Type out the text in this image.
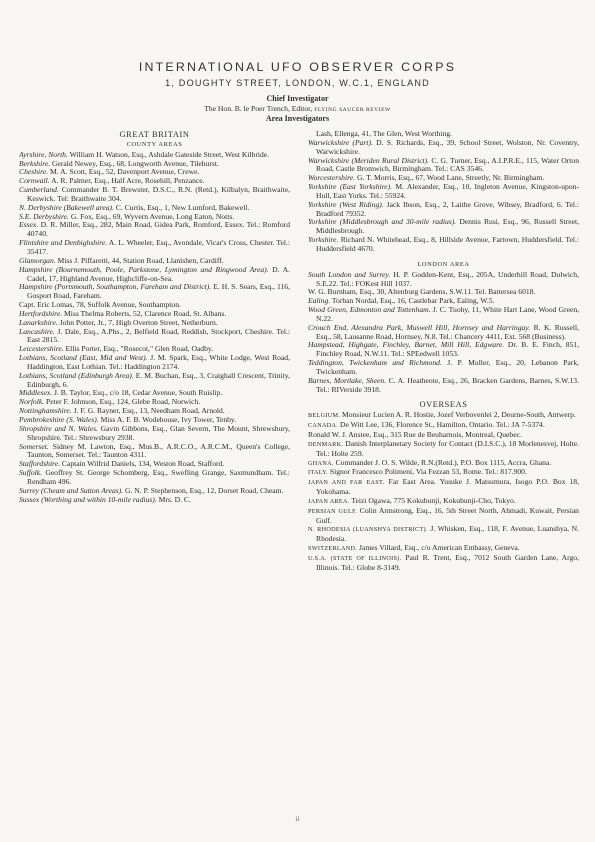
INTERNATIONAL UFO OBSERVER CORPS
1, DOUGHTY STREET, LONDON, W.C.1, ENGLAND
Chief Investigator
The Hon. B. le Poer Trench, Editor, FLYING SAUCER REVIEW
Area Investigators
GREAT BRITAIN
COUNTY AREAS

Ayrshire, North. William H. Watson, Esq., Ashdale Gateside Street, West Kilbride.

Berkshire. Gerald Newey, Esq., 68, Longworth Avenue, Tilehurst.

Cheshire. M. A. Scott, Esq., 52, Davenport Avenue, Crewe.

Cornwall. A. R. Palmer, Esq., Half Acre, Rosehill, Penzance.

Cumberland. Commander B. T. Brewster, D.S.C., R.N. (Retd.), Kilbalyn, Braithwaite, Keswick. Tel: Braithwaite 304.

N. Derbyshire (Bakewell area). C. Curtis, Esq., 1, New Lumford, Bakewell.

S.E. Derbyshire. G. Fox, Esq., 69, Wyvern Avenue, Long Eaton, Notts.

Essex. D. R. Miller, Esq., 282, Main Road, Gidea Park, Romford, Essex. Tel.: Romford 40740.

Flintshire and Denbighshire. A. L. Wheeler, Esq., Avondale, Vicar's Cross, Chester. Tel.: 35417.

Glamorgan. Miss J. Piffaretti, 44, Station Road, Llanishen, Cardiff.

Hampshire (Bournemouth, Poole, Parkstone, Lymington and Ringwood Area). D. A. Cadel, 17, Highland Avenue, Highcliffe-on-Sea.

Hampshire (Portsmouth, Southampton, Fareham and District). E. H. S. Sears, Esq., 116, Gosport Road, Fareham.

Capt. Eric Lomas, 78, Suffolk Avenue, Southampton.

Hertfordshire. Miss Thelma Roberts, 52, Clarence Road, St. Albans.

Lanarkshire. John Potter, Jr., 7, High Overton Street, Netherburn.

Lancashire. J. Dale, Esq., A.Phs., 2, Belfield Road, Reddish, Stockport, Cheshire. Tel.: East 2815.

Leicestershire. Ellis Porter, Esq., "Rosecot," Glen Road, Oadby.

Lothians, Scotland (East, Mid and West). J. M. Spark, Esq., White Lodge, West Road, Haddington, East Lothian. Tel.: Haddington 2174.

Lothians, Scotland (Edinburgh Area). E. M. Buchan, Esq., 3, Craighall Crescent, Trinity, Edinburgh, 6.

Middlesex. J. B. Taylor, Esq., c/o 18, Cedar Avenue, South Ruislip.

Norfolk. Peter F. Johnson, Esq., 124, Glebe Road, Norwich.

Nottinghamshire. J. F. G. Rayner, Esq., 13, Needham Road, Arnold.

Pembrokeshire (S. Wales). Miss A. F. B. Wodehouse, Ivy Tower, Tenby.

Shropshire and N. Wales. Gavin Gibbons, Esq., Glan Severn, The Mount, Shrewsbury, Shropshire. Tel.: Shrewsbury 2938.

Somerset. Sidney M. Lawton, Esq., Mus.B., A.R.C.O., A.R.C.M., Queen's College, Taunton, Somerset. Tel.: Taunton 4311.

Staffordshire. Captain Wilfrid Daniels, 134, Weston Road, Stafford.

Suffolk. Geoffrey St. George Schomberg, Esq., Swefling Grange, Saxmundham. Tel.: Rendham 496.

Surrey (Cheam and Sutton Areas). G. N. P. Stephenson, Esq., 12, Dorset Road, Cheam.

Sussex (Worthing and within 10-mile radius). Mrs. D. C.

Lash, Ellenga, 41, The Glen, West Worthing.

Warwickshire (Part). D. S. Richards, Esq., 39, School Street, Wolston, Nr. Coventry, Warwickshire.

Warwickshire (Meriden Rural District). C. G. Turner, Esq., A.I.P.R.E., 115, Water Orton Road, Castle Bromwich, Birmingham. Tel.: CAS 3546.

Worcestershire. G. T. Morris, Esq., 67, Wood Lane, Streetly, Nr. Birmingham.

Yorkshire (East Yorkshire). M. Alexander, Esq., 10, Ingleton Avenue, Kingston-upon-Hull, East Yorks. Tel.: 55924.

Yorkshire (West Riding). Jack Ibson, Esq., 2, Laithe Grove, Wibsey, Bradford, 6. Tel.: Bradford 79352.

Yorkshire (Middlesbrough and 30-mile radius). Dennis Rusi, Esq., 96, Russell Street, Middlesbrough.

Yorkshire. Richard N. Whitehead, Esq., 8, Hillside Avenue, Fartown, Huddersfield. Tel.: Huddersfield 4670.

LONDON AREA

South London and Surrey. H. P. Godden-Kent, Esq., 205A, Underhill Road, Dulwich, S.E.22. Tel.: FOKest Hill 1037.

W. G. Burnham, Esq., 30, Altenburg Gardens, S.W.11. Tel. Battersea 6018.

Ealing. Torban Nordal, Esq., 16, Castlebar Park, Ealing, W.5.

Wood Green, Edmonton and Tottenham. J. C. Tuohy, 11, White Hart Lane, Wood Green, N.22.

Crouch End, Alexandra Park, Muswell Hill, Hornsey and Harringay. R. K. Russell, Esq., 58, Lausanne Road, Hornsey, N.8. Tel.: Chancery 4411, Ext. 568 (Business).

Hampstead, Highgate, Finchley, Barnet, Mill Hill, Edgware. Dr. B. E. Finch, 851, Finchley Road, N.W.11. Tel.: SPEedwell 1053.

Teddington, Twickenham and Richmond. J. P. Muller, Esq., 20, Lebanon Park, Twickenham.

Barnes, Mortlake, Sheen. C. A. Heatheote, Esq., 26, Bracken Gardens, Barnes, S.W.13. Tel.: RIVerside 3918.

OVERSEAS

BELGIUM. Monsieur Lucien A. R. Hostie, Jozef Verbovenlei 2, Deurne-South, Antwerp.

CANADA. De Witt Lee, 136, Florence St., Hamilton, Ontario. Tel.: JA 7-5374.

Ronald W. J. Anstee, Esq., 315 Rue de Beuharnois, Montreal, Quebec.

DENMARK. Danish Interplanetary Society for Contact (D.I.S.C.), 18 Morlenesvej, Holte. Tel.: Holte 259.

GHANA. Commander J. O. S. Wilde, R.N.(Retd.), P.O. Box 1115, Accra, Ghana.

ITALY. Signor Francesco Polimeni, Via Fezzan 53, Rome. Tel.: 817.900.

JAPAN AND FAR EAST. Far East Area. Yusuke J. Matsumura, Isogo P.O. Box 18, Yokohama.

JAPAN AREA. Teizi Ogawa, 775 Kokubunji, Kokubunji-Cho, Tokyo.

PERSIAN GULF. Colin Armstrong, Esq., 16, 5th Street North, Ahmadi, Kuwait, Persian Gulf.

N. RHODESIA (LUANSHYA DISTRICT). J. Whisken, Esq., 118, F. Avenue, Luanshya, N. Rhodesia.

SWITZERLAND. James Villard, Esq., c/o American Embassy, Geneva.

U.S.A. (STATE OF ILLINOIS). Paul R. Trent, Esq., 7012 South Garden Lane, Argo, Illinois. Tel.: Globe 8-3149.

ii
